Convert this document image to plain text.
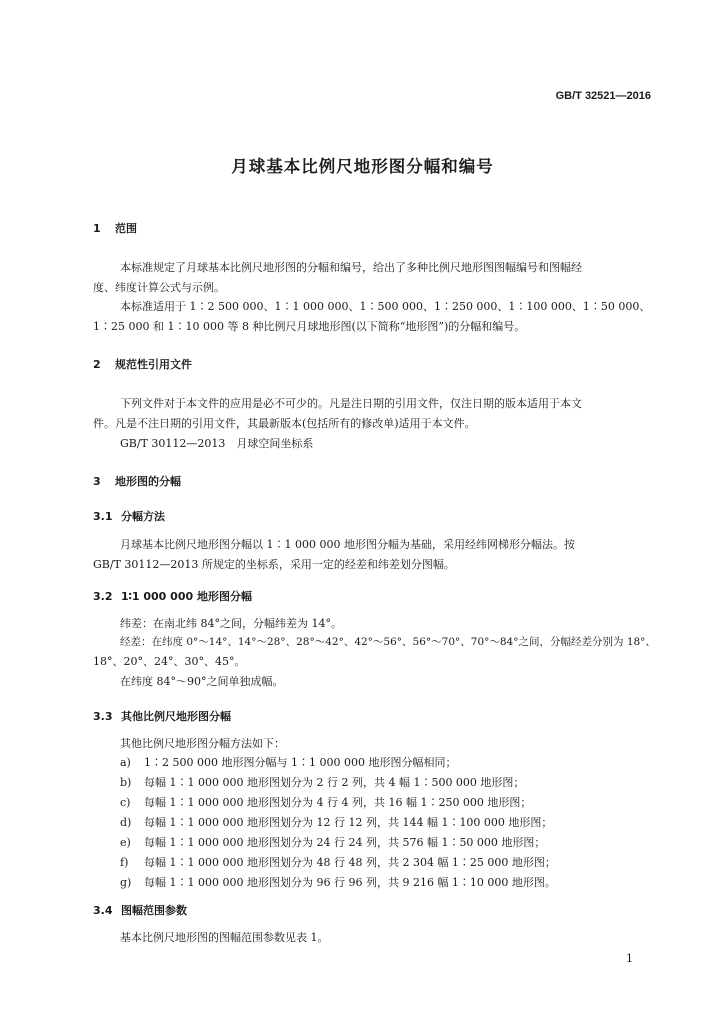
GB/T 32521—2016
月球基本比例尺地形图分幅和编号
1 范围
本标准规定了月球基本比例尺地形图的分幅和编号，给出了多种比例尺地形图图幅编号和图幅经
度、纬度计算公式与示例。
本标准适用于 1∶2 500 000、1∶1 000 000、1∶500 000、1∶250 000、1∶100 000、1∶50 000、
1∶25 000 和 1∶10 000 等 8 种比例尺月球地形图(以下简称“地形图”)的分幅和编号。
2 规范性引用文件
下列文件对于本文件的应用是必不可少的。凡是注日期的引用文件，仅注日期的版本适用于本文
件。凡是不注日期的引用文件，其最新版本(包括所有的修改单)适用于本文件。
GB/T 30112—2013　月球空间坐标系
3 地形图的分幅
3.1 分幅方法
月球基本比例尺地形图分幅以 1∶1 000 000 地形图分幅为基础，采用经纬网梯形分幅法。按
GB/T 30112—2013 所规定的坐标系，采用一定的经差和纬差划分图幅。
3.2 1∶1 000 000 地形图分幅
纬差：在南北纬 84°之间，分幅纬差为 14°。
经差：在纬度 0°～14°、14°～28°、28°～42°、42°～56°、56°～70°、70°～84°之间，分幅经差分别为 18°、
18°、20°、24°、30°、45°。
在纬度 84°～90°之间单独成幅。
3.3 其他比例尺地形图分幅
其他比例尺地形图分幅方法如下：
a) 1∶2 500 000 地形图分幅与 1∶1 000 000 地形图分幅相同；
b) 每幅 1∶1 000 000 地形图划分为 2 行 2 列，共 4 幅 1∶500 000 地形图；
c) 每幅 1∶1 000 000 地形图划分为 4 行 4 列，共 16 幅 1∶250 000 地形图；
d) 每幅 1∶1 000 000 地形图划分为 12 行 12 列，共 144 幅 1∶100 000 地形图；
e) 每幅 1∶1 000 000 地形图划分为 24 行 24 列，共 576 幅 1∶50 000 地形图；
f) 每幅 1∶1 000 000 地形图划分为 48 行 48 列，共 2 304 幅 1∶25 000 地形图；
g) 每幅 1∶1 000 000 地形图划分为 96 行 96 列，共 9 216 幅 1∶10 000 地形图。
3.4 图幅范围参数
基本比例尺地形图的图幅范围参数见表 1。
1
